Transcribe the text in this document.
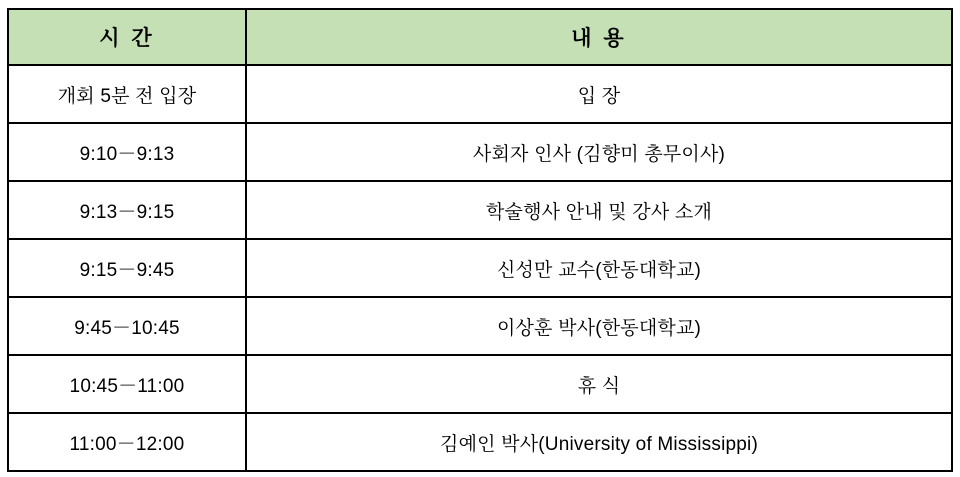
시 간	내 용
개회 5분 전 입장	입 장
9:10－9:13	사회자 인사 (김향미 총무이사)
9:13－9:15	학술행사 안내 및 강사 소개
9:15－9:45	신성만 교수(한동대학교)
9:45－10:45	이상훈 박사(한동대학교)
10:45－11:00	휴 식
11:00－12:00	김예인 박사(University of Mississippi)
